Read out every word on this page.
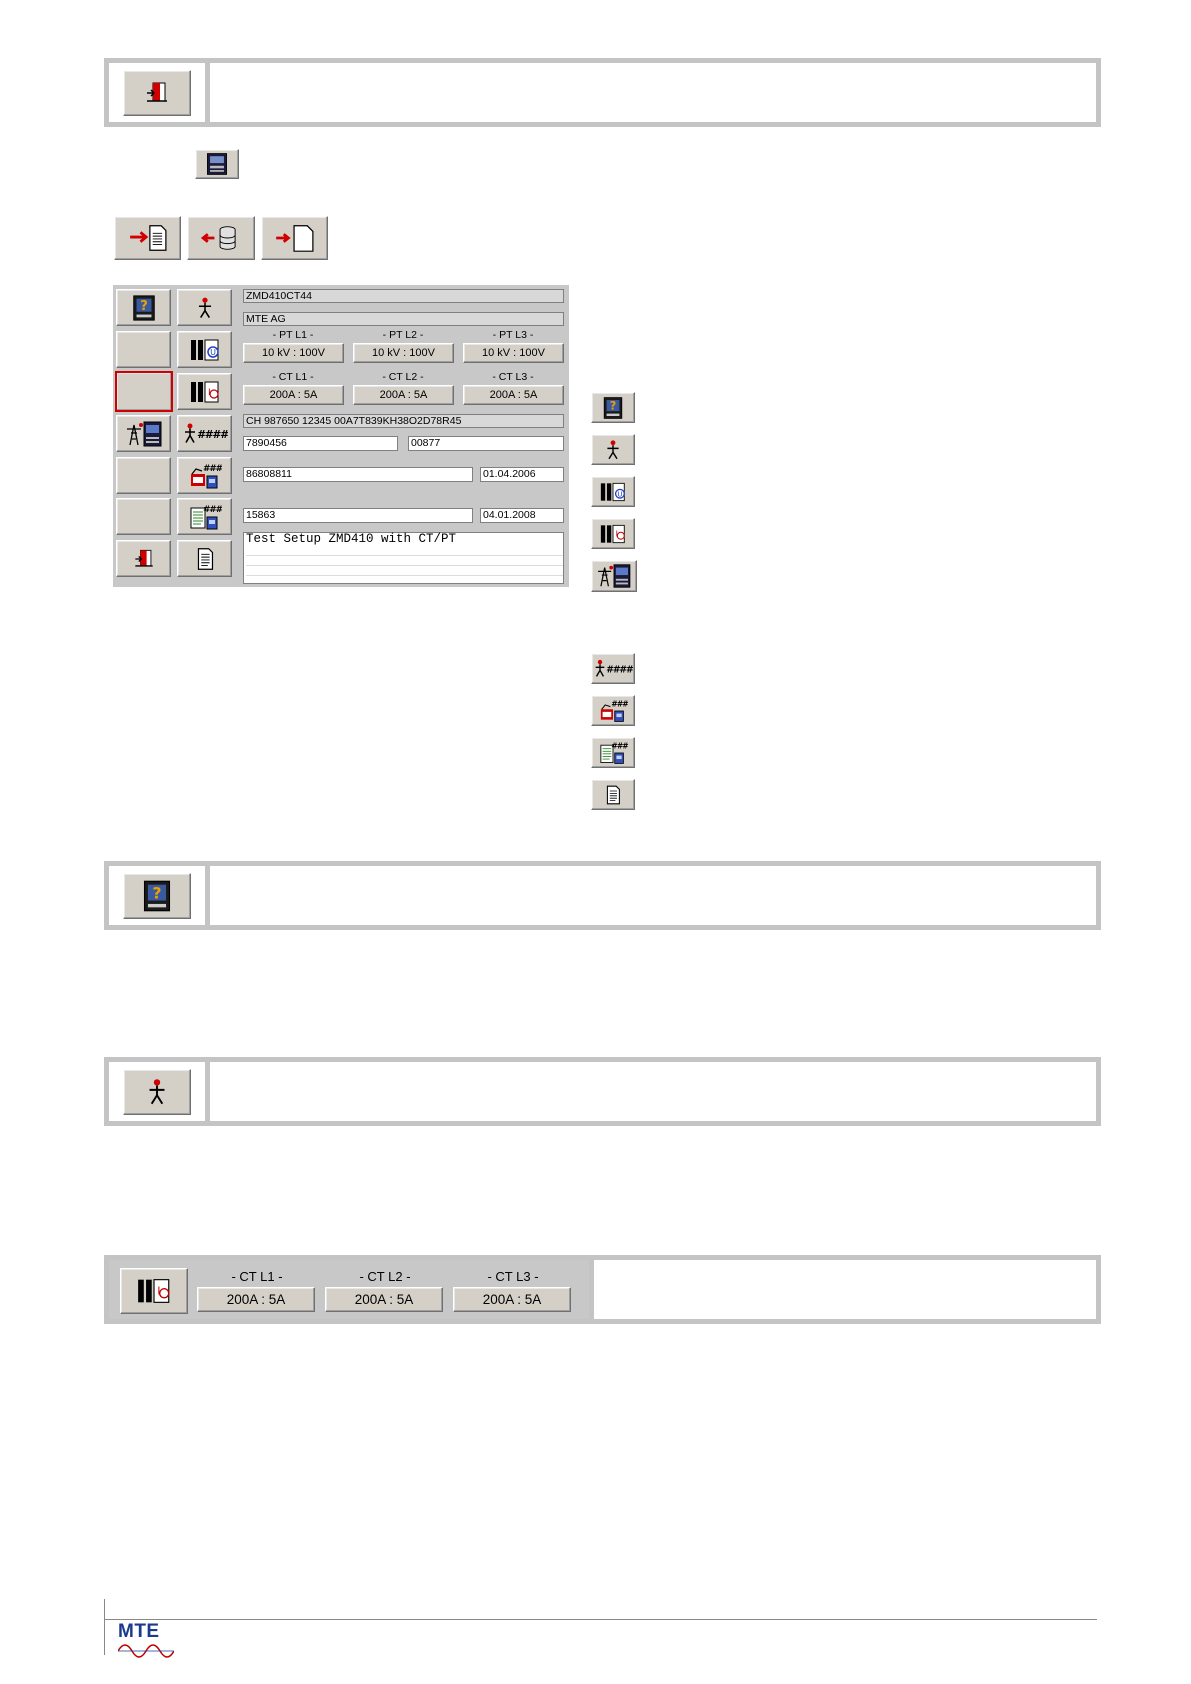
ZMD410CT44
MTE AG
- PT L1 -	- PT L2 -	- PT L3 -
10 kV : 100V	10 kV : 100V	10 kV : 100V
- CT L1 -	- CT L2 -	- CT L3 -
200A : 5A	200A : 5A	200A : 5A
CH 987650 12345 00A7T839KH38O2D78R45
7890456	00877
86808811	01.04.2006
15863	04.01.2008
Test Setup ZMD410 with CT/PT
- CT L1 -	- CT L2 -	- CT L3 -
200A : 5A	200A : 5A	200A : 5A
MTE
